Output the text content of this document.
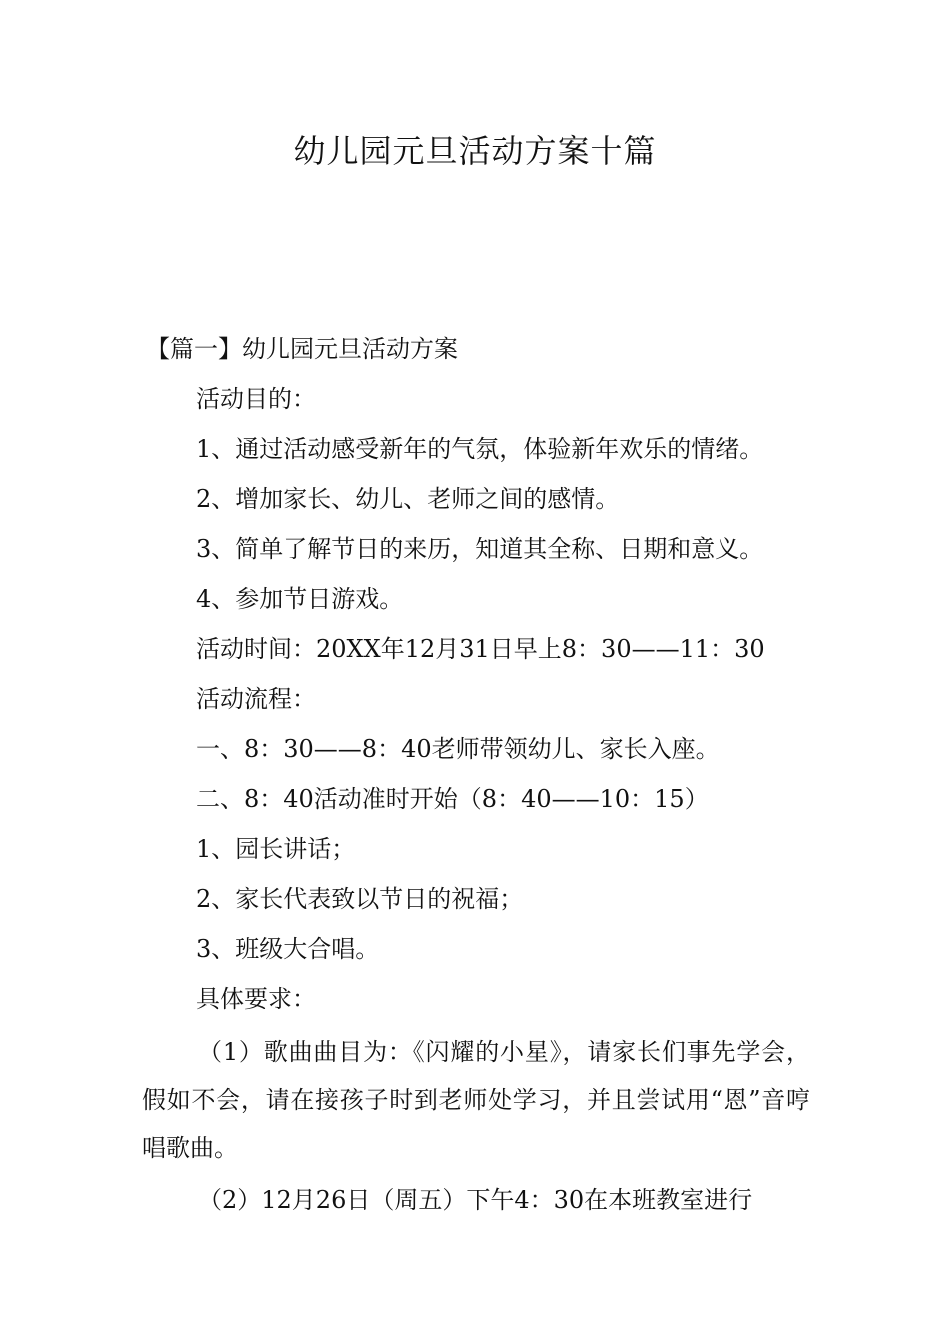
幼儿园元旦活动方案十篇

【篇一】幼儿园元旦活动方案

活动目的：

1、通过活动感受新年的气氛，体验新年欢乐的情绪。

2、增加家长、幼儿、老师之间的感情。

3、简单了解节日的来历，知道其全称、日期和意义。

4、参加节日游戏。

活动时间：20XX年12月31日早上8：30——11：30

活动流程：

一、8：30——8：40老师带领幼儿、家长入座。

二、8：40活动准时开始（8：40——10：15）

1、园长讲话；

2、家长代表致以节日的祝福；

3、班级大合唱。

具体要求：

（1）歌曲曲目为：《闪耀的小星》，请家长们事先学会，假如不会，请在接孩子时到老师处学习，并且尝试用“恩”音哼唱歌曲。

（2）12月26日（周五）下午4：30在本班教室进行
